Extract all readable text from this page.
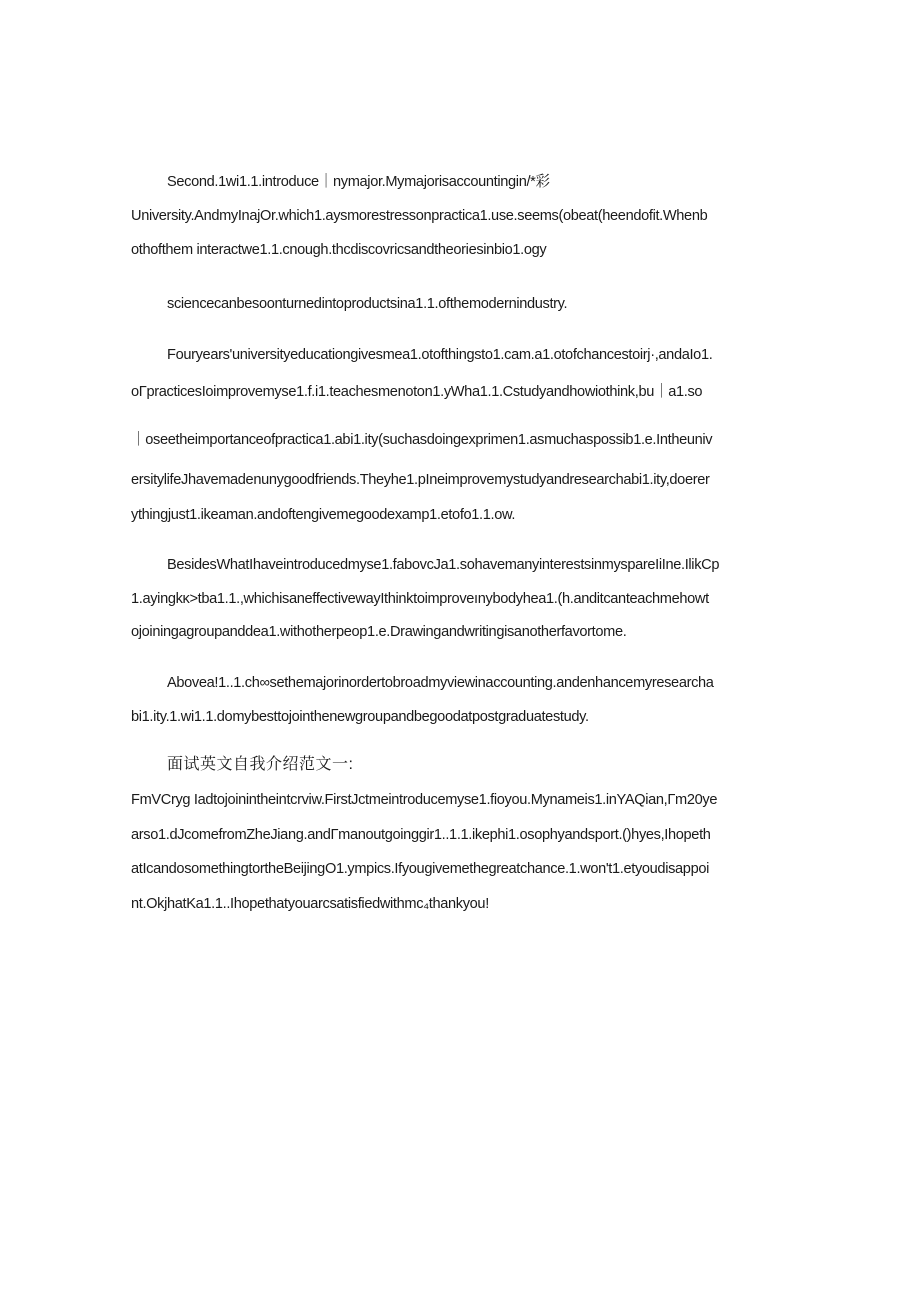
Second.1wi1.1.introduce｜nymajor.Mymajorisaccountingin/*彩
University.AndmyInajOr.which1.aysmorestressonpractica1.use.seems(obeat(heendofit.Whenb
othofthem interactwe1.1.cnough.thcdiscovricsandtheoriesinbio1.ogy
sciencecanbesoonturnedintoproductsina1.1.ofthemodernindustry.
Fouryears'universityeducationgivesmea1.otofthingsto1.cam.a1.otofchancestoirj·,andaIo1.
oΓpracticesIoimprovemyse1.f.i1.teachesmenoton1.yWha1.1.Cstudyandhowiothink,bu｜a1.so
｜oseetheimportanceofpractica1.abi1.ity(suchasdoingexprimen1.asmuchaspossib1.e.Intheuniv
ersitylifeJhavemadenunygoodfriends.Theyhe1.pIneimprovemystudyandresearchabi1.ity,doerer
ythingjust1.ikeaman.andoftengivemegoodexamp1.etofo1.1.ow.
BesidesWhatIhaveintroducedmyse1.fabovcJa1.sohavemanyinterestsinmyspareIiIne.IlikCp
1.ayingkκ>tba1.1.,whichisaneffectivewayIthinktoimproveınybodyhea1.(h.anditcanteachmehowt
ojoiningagroupanddea1.withotherpeop1.e.Drawingandwritingisanotherfavortome.
Abovea!1..1.ch∞sethemajorinordertobroadmyviewinaccounting.andenhancemyresearcha
bi1.ity.1.wi1.1.domybesttojointhenewgroupandbegoodatpostgraduatestudy.
面试英文自我介绍范文一:
FmVCryg Iadtojoinintheintcrviw.FirstJctmeintroducemyse1.fioyou.Mynameis1.inYAQian,Γm20ye
arso1.dJcomefromZheJiang.andΓmanoutgoinggir1..1.1.ikephi1.osophyandsport.()hyes,Ihopeth
atIcandosomethingtortheBeijingO1.ympics.Ifyougivemethegreatchance.1.won't1.etyoudisappoi
nt.OkjhatKa1.1..Ihopethatyouarcsatisfiedwithmc₄thankyou!
